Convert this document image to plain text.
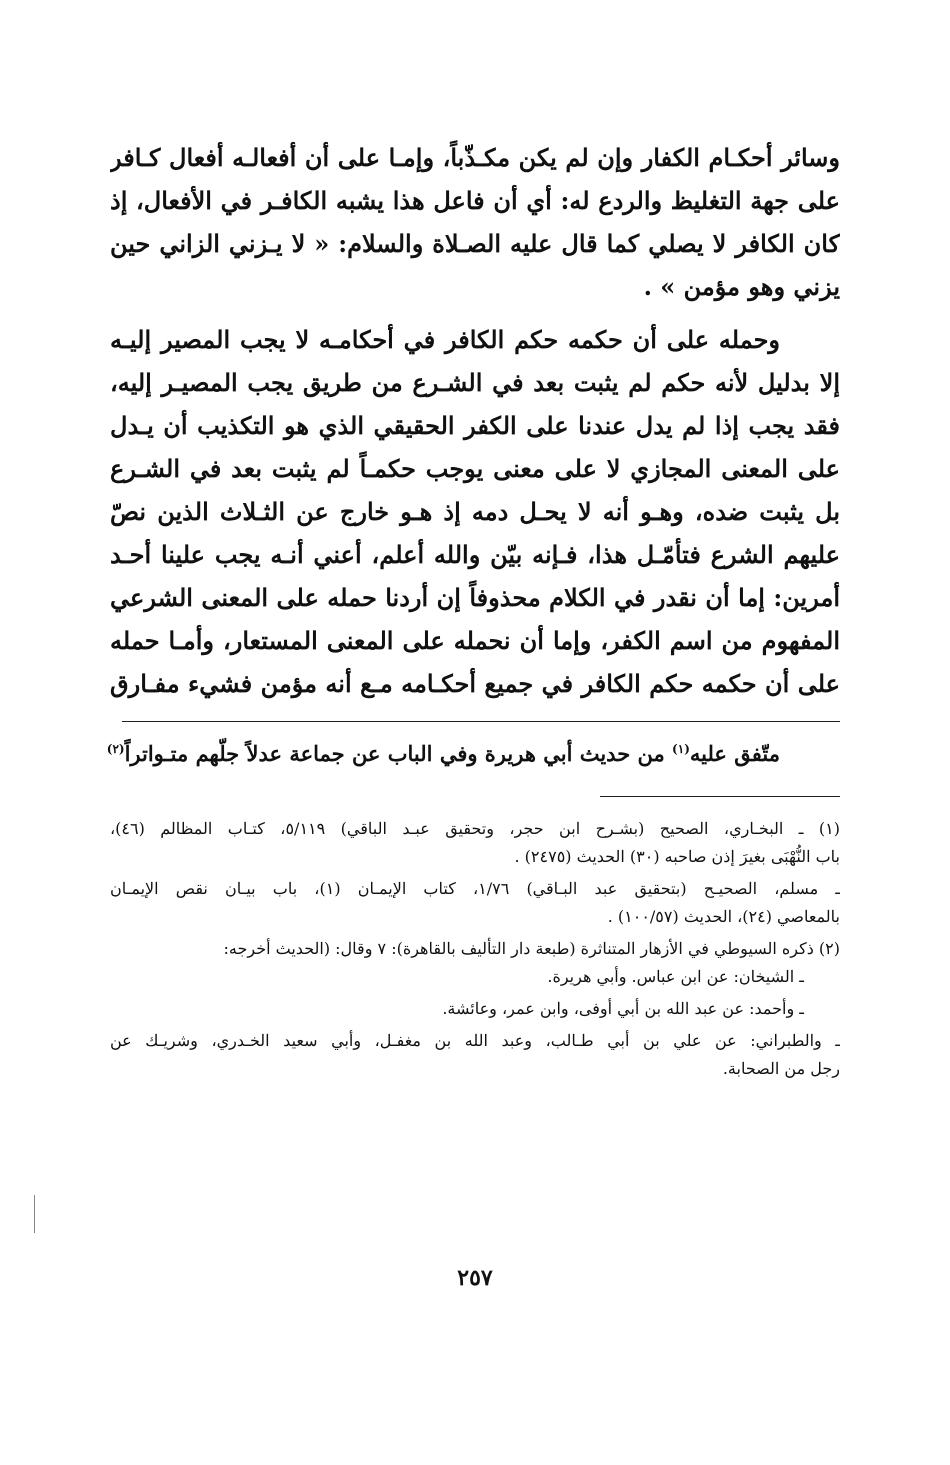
وسائر أحكـام الكفار وإن لم يكن مكـذّباً، وإمـا على أن أفعالـه أفعال كـافر
على جهة التغليظ والردع له: أي أن فاعل هذا يشبه الكافـر في الأفعال، إذ
كان الكافر لا يصلي كما قال عليه الصـلاة والسلام: « لا يـزني الزاني حين
يزني وهو مؤمن » .
وحمله على أن حكمه حكم الكافر في أحكامـه لا يجب المصير إليـه
إلا بدليل لأنه حكم لم يثبت بعد في الشـرع من طريق يجب المصيـر إليه،
فقد يجب إذا لم يدل عندنا على الكفر الحقيقي الذي هو التكذيب أن يـدل
على المعنى المجازي لا على معنى يوجب حكمـاً لم يثبت بعد في الشـرع
بل يثبت ضده، وهـو أنه لا يحـل دمه إذ هـو خارج عن الثـلاث الذين نصّ
عليهم الشرع فتأمّـل هذا، فـإنه بيّن والله أعلم، أعني أنـه يجب علينا أحـد
أمرين: إما أن نقدر في الكلام محذوفاً إن أردنا حمله على المعنى الشرعي
المفهوم من اسم الكفر، وإما أن نحمله على المعنى المستعار، وأمـا حمله
على أن حكمه حكم الكافر في جميع أحكـامه مـع أنه مؤمن فشيء مفـارق
متّفق عليه$^{(١)}$ من حديث أبي هريرة وفي الباب عن جماعة عدلاً جلّهم متـواتراً$^{(٢)}$
(١) ـ البخـاري، الصحيح (بشـرح ابن حجر، وتحقيق عبـد الباقي) ٥/١١٩، كتـاب المظالم (٤٦)،
باب النُّهْبَى بغيرَ إذن صاحبه (٣٠) الحديث (٢٤٧٥) .
ـ مسلم، الصحيـح (بتحقيق عبد البـاقي) ١/٧٦، كتاب الإيمـان (١)، باب بيـان نقص الإيمـان
بالمعاصي (٢٤)، الحديث (١٠٠/٥٧) .
(٢) ذكره السيوطي في الأزهار المتناثرة (طبعة دار التأليف بالقاهرة): ٧ وقال: (الحديث أخرجه:
ـ الشيخان: عن ابن عباس. وأبي هريرة.
ـ وأحمد: عن عبد الله بن أبي أوفى، وابن عمر، وعائشة.
ـ والطبراني: عن علي بن أبي طـالب، وعبد الله بن مغفـل، وأبي سعيد الخـدري، وشريـك عن
رجل من الصحابة.
٢٥٧
